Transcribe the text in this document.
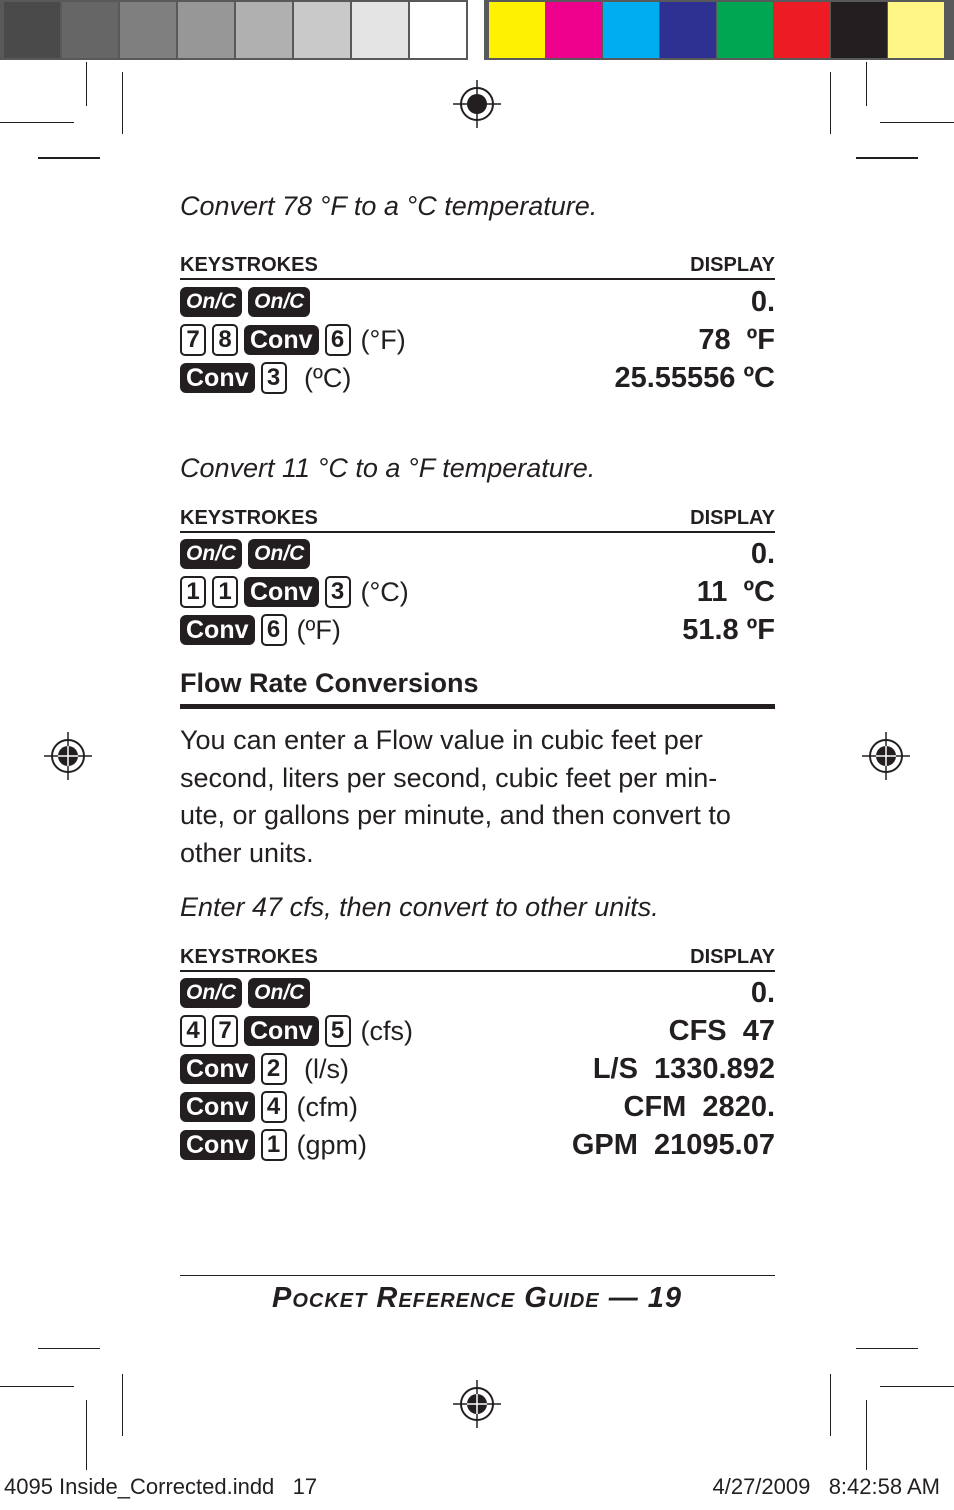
Convert 78 °F to a °C temperature.
KEYSTROKES	DISPLAY
On/C On/C	0.
7 8 Conv 6 (°F)	78  ºF
Conv 3 (ºC)	25.55556 ºC
Convert 11 °C to a °F temperature.
KEYSTROKES	DISPLAY
On/C On/C	0.
1 1 Conv 3 (°C)	11  ºC
Conv 6 (ºF)	51.8 ºF
Flow Rate Conversions
You can enter a Flow value in cubic feet per
second, liters per second, cubic feet per min-
ute, or gallons per minute, and then convert to
other units.
Enter 47 cfs, then convert to other units.
KEYSTROKES	DISPLAY
On/C On/C	0.
4 7 Conv 5 (cfs)	CFS  47
Conv 2 (l/s)	L/S  1330.892
Conv 4 (cfm)	CFM  2820.
Conv 1 (gpm)	GPM  21095.07
Pocket Reference Guide — 19
4095 Inside_Corrected.indd   17	4/27/2009   8:42:58 AM
